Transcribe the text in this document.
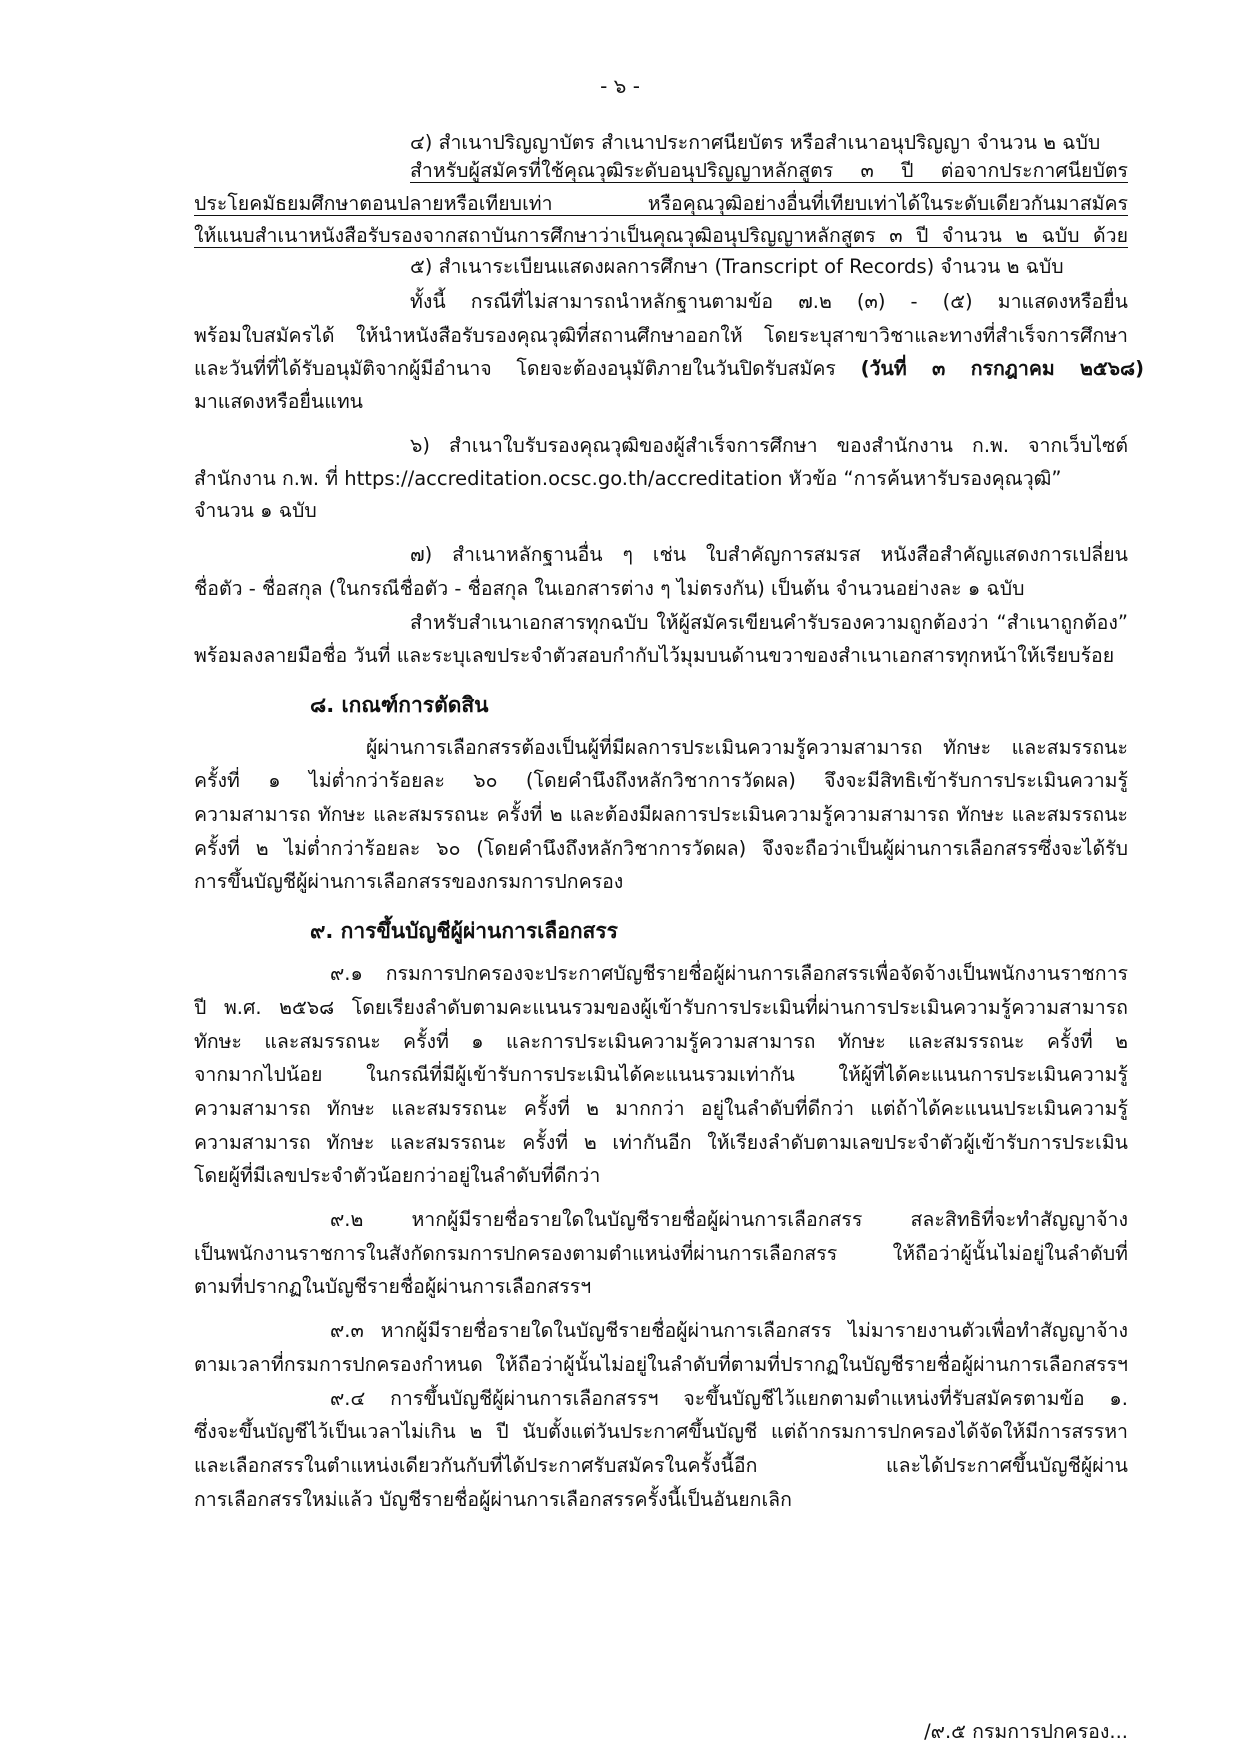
- ๖ -
๔) สำเนาปริญญาบัตร สำเนาประกาศนียบัตร หรือสำเนาอนุปริญญา จำนวน ๒ ฉบับ
สำหรับผู้สมัครที่ใช้คุณวุฒิระดับอนุปริญญาหลักสูตร ๓ ปี ต่อจากประกาศนียบัตร
ประโยคมัธยมศึกษาตอนปลายหรือเทียบเท่า หรือคุณวุฒิอย่างอื่นที่เทียบเท่าได้ในระดับเดียวกันมาสมัคร
ให้แนบสำเนาหนังสือรับรองจากสถาบันการศึกษาว่าเป็นคุณวุฒิอนุปริญญาหลักสูตร ๓ ปี จำนวน ๒ ฉบับ ด้วย
๕) สำเนาระเบียนแสดงผลการศึกษา (Transcript of Records) จำนวน ๒ ฉบับ
ทั้งนี้ กรณีที่ไม่สามารถนำหลักฐานตามข้อ ๗.๒ (๓) - (๕) มาแสดงหรือยื่น
พร้อมใบสมัครได้ ให้นำหนังสือรับรองคุณวุฒิที่สถานศึกษาออกให้ โดยระบุสาขาวิชาและทางที่สำเร็จการศึกษา
และวันที่ที่ได้รับอนุมัติจากผู้มีอำนาจ โดยจะต้องอนุมัติภายในวันปิดรับสมัคร (วันที่ ๓ กรกฎาคม ๒๕๖๘)
มาแสดงหรือยื่นแทน
๖) สำเนาใบรับรองคุณวุฒิของผู้สำเร็จการศึกษา ของสำนักงาน ก.พ. จากเว็บไซต์
สำนักงาน ก.พ. ที่ https://accreditation.ocsc.go.th/accreditation หัวข้อ “การค้นหารับรองคุณวุฒิ”
จำนวน ๑ ฉบับ
๗) สำเนาหลักฐานอื่น ๆ เช่น ใบสำคัญการสมรส หนังสือสำคัญแสดงการเปลี่ยน
ชื่อตัว - ชื่อสกุล (ในกรณีชื่อตัว - ชื่อสกุล ในเอกสารต่าง ๆ ไม่ตรงกัน) เป็นต้น จำนวนอย่างละ ๑ ฉบับ
สำหรับสำเนาเอกสารทุกฉบับ ให้ผู้สมัครเขียนคำรับรองความถูกต้องว่า “สำเนาถูกต้อง”
พร้อมลงลายมือชื่อ วันที่ และระบุเลขประจำตัวสอบกำกับไว้มุมบนด้านขวาของสำเนาเอกสารทุกหน้าให้เรียบร้อย
๘. เกณฑ์การตัดสิน
ผู้ผ่านการเลือกสรรต้องเป็นผู้ที่มีผลการประเมินความรู้ความสามารถ ทักษะ และสมรรถนะ
ครั้งที่ ๑ ไม่ต่ำกว่าร้อยละ ๖๐ (โดยคำนึงถึงหลักวิชาการวัดผล) จึงจะมีสิทธิเข้ารับการประเมินความรู้
ความสามารถ ทักษะ และสมรรถนะ ครั้งที่ ๒ และต้องมีผลการประเมินความรู้ความสามารถ ทักษะ และสมรรถนะ
ครั้งที่ ๒ ไม่ต่ำกว่าร้อยละ ๖๐ (โดยคำนึงถึงหลักวิชาการวัดผล) จึงจะถือว่าเป็นผู้ผ่านการเลือกสรรซึ่งจะได้รับ
การขึ้นบัญชีผู้ผ่านการเลือกสรรของกรมการปกครอง
๙. การขึ้นบัญชีผู้ผ่านการเลือกสรร
๙.๑ กรมการปกครองจะประกาศบัญชีรายชื่อผู้ผ่านการเลือกสรรเพื่อจัดจ้างเป็นพนักงานราชการ
ปี พ.ศ. ๒๕๖๘ โดยเรียงลำดับตามคะแนนรวมของผู้เข้ารับการประเมินที่ผ่านการประเมินความรู้ความสามารถ
ทักษะ และสมรรถนะ ครั้งที่ ๑ และการประเมินความรู้ความสามารถ ทักษะ และสมรรถนะ ครั้งที่ ๒
จากมากไปน้อย ในกรณีที่มีผู้เข้ารับการประเมินได้คะแนนรวมเท่ากัน ให้ผู้ที่ได้คะแนนการประเมินความรู้
ความสามารถ ทักษะ และสมรรถนะ ครั้งที่ ๒ มากกว่า อยู่ในลำดับที่ดีกว่า แต่ถ้าได้คะแนนประเมินความรู้
ความสามารถ ทักษะ และสมรรถนะ ครั้งที่ ๒ เท่ากันอีก ให้เรียงลำดับตามเลขประจำตัวผู้เข้ารับการประเมิน
โดยผู้ที่มีเลขประจำตัวน้อยกว่าอยู่ในลำดับที่ดีกว่า
๙.๒ หากผู้มีรายชื่อรายใดในบัญชีรายชื่อผู้ผ่านการเลือกสรร สละสิทธิที่จะทำสัญญาจ้าง
เป็นพนักงานราชการในสังกัดกรมการปกครองตามตำแหน่งที่ผ่านการเลือกสรร ให้ถือว่าผู้นั้นไม่อยู่ในลำดับที่
ตามที่ปรากฏในบัญชีรายชื่อผู้ผ่านการเลือกสรรฯ
๙.๓ หากผู้มีรายชื่อรายใดในบัญชีรายชื่อผู้ผ่านการเลือกสรร ไม่มารายงานตัวเพื่อทำสัญญาจ้าง
ตามเวลาที่กรมการปกครองกำหนด ให้ถือว่าผู้นั้นไม่อยู่ในลำดับที่ตามที่ปรากฏในบัญชีรายชื่อผู้ผ่านการเลือกสรรฯ
๙.๔ การขึ้นบัญชีผู้ผ่านการเลือกสรรฯ จะขึ้นบัญชีไว้แยกตามตำแหน่งที่รับสมัครตามข้อ ๑.
ซึ่งจะขึ้นบัญชีไว้เป็นเวลาไม่เกิน ๒ ปี นับตั้งแต่วันประกาศขึ้นบัญชี แต่ถ้ากรมการปกครองได้จัดให้มีการสรรหา
และเลือกสรรในตำแหน่งเดียวกันกับที่ได้ประกาศรับสมัครในครั้งนี้อีก และได้ประกาศขึ้นบัญชีผู้ผ่าน
การเลือกสรรใหม่แล้ว บัญชีรายชื่อผู้ผ่านการเลือกสรรครั้งนี้เป็นอันยกเลิก
/๙.๕ กรมการปกครอง...
